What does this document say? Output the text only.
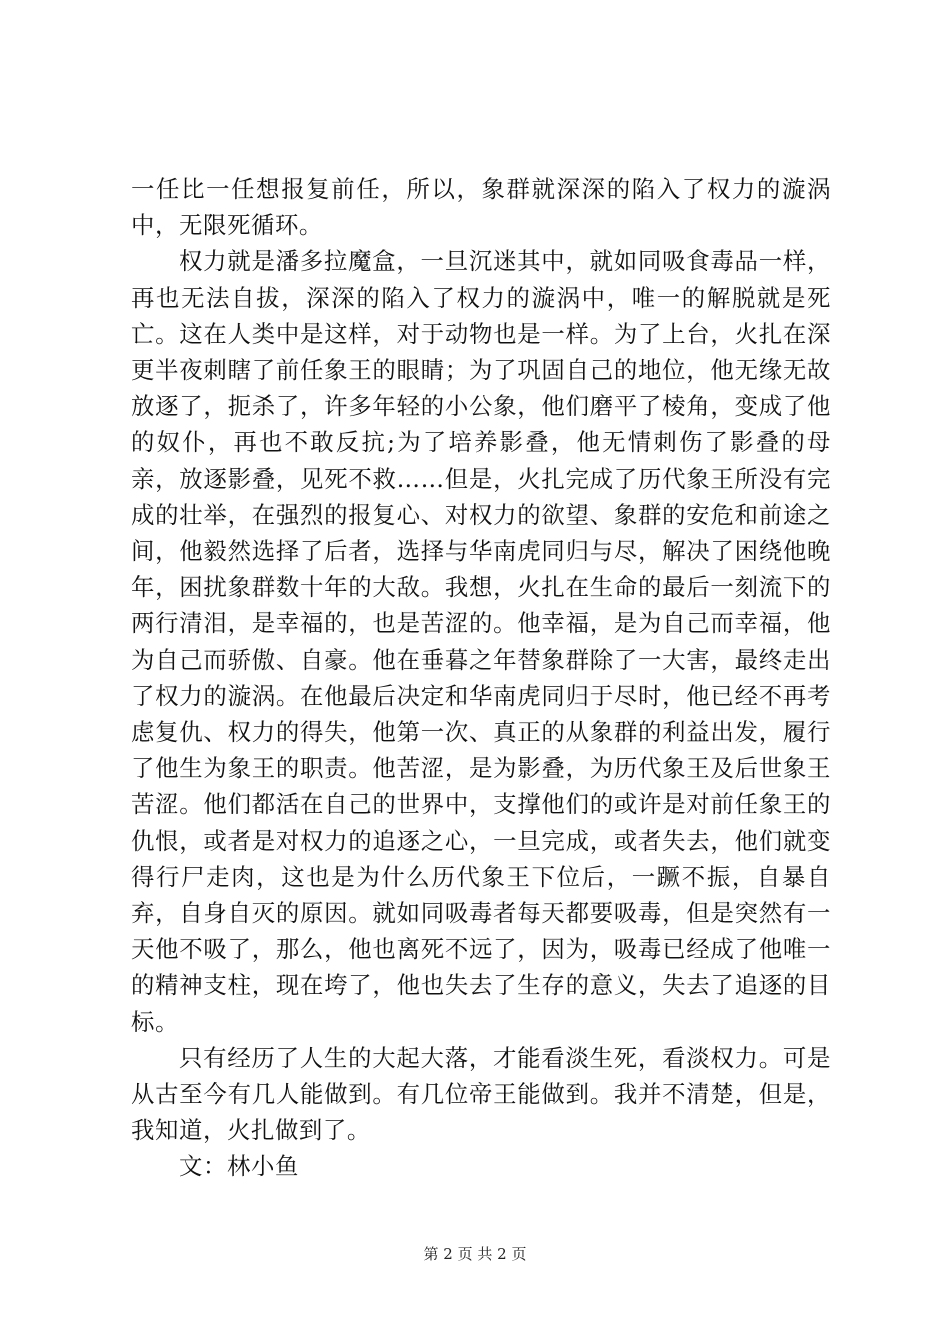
一任比一任想报复前任，所以，象群就深深的陷入了权力的漩涡中，无限死循环。

权力就是潘多拉魔盒，一旦沉迷其中，就如同吸食毒品一样，再也无法自拔，深深的陷入了权力的漩涡中，唯一的解脱就是死亡。这在人类中是这样，对于动物也是一样。为了上台，火扎在深更半夜刺瞎了前任象王的眼睛；为了巩固自己的地位，他无缘无故放逐了，扼杀了，许多年轻的小公象，他们磨平了棱角，变成了他的奴仆，再也不敢反抗;为了培养影叠，他无情刺伤了影叠的母亲，放逐影叠，见死不救……但是，火扎完成了历代象王所没有完成的壮举，在强烈的报复心、对权力的欲望、象群的安危和前途之间，他毅然选择了后者，选择与华南虎同归与尽，解决了困绕他晚年，困扰象群数十年的大敌。我想，火扎在生命的最后一刻流下的两行清泪，是幸福的，也是苦涩的。他幸福，是为自己而幸福，他为自己而骄傲、自豪。他在垂暮之年替象群除了一大害，最终走出了权力的漩涡。在他最后决定和华南虎同归于尽时，他已经不再考虑复仇、权力的得失，他第一次、真正的从象群的利益出发，履行了他生为象王的职责。他苦涩，是为影叠，为历代象王及后世象王苦涩。他们都活在自己的世界中，支撑他们的或许是对前任象王的仇恨，或者是对权力的追逐之心，一旦完成，或者失去，他们就变得行尸走肉，这也是为什么历代象王下位后，一蹶不振，自暴自弃，自身自灭的原因。就如同吸毒者每天都要吸毒，但是突然有一天他不吸了，那么，他也离死不远了，因为，吸毒已经成了他唯一的精神支柱，现在垮了，他也失去了生存的意义，失去了追逐的目标。

只有经历了人生的大起大落，才能看淡生死，看淡权力。可是从古至今有几人能做到。有几位帝王能做到。我并不清楚，但是，我知道，火扎做到了。

文：林小鱼

第 2 页 共 2 页
